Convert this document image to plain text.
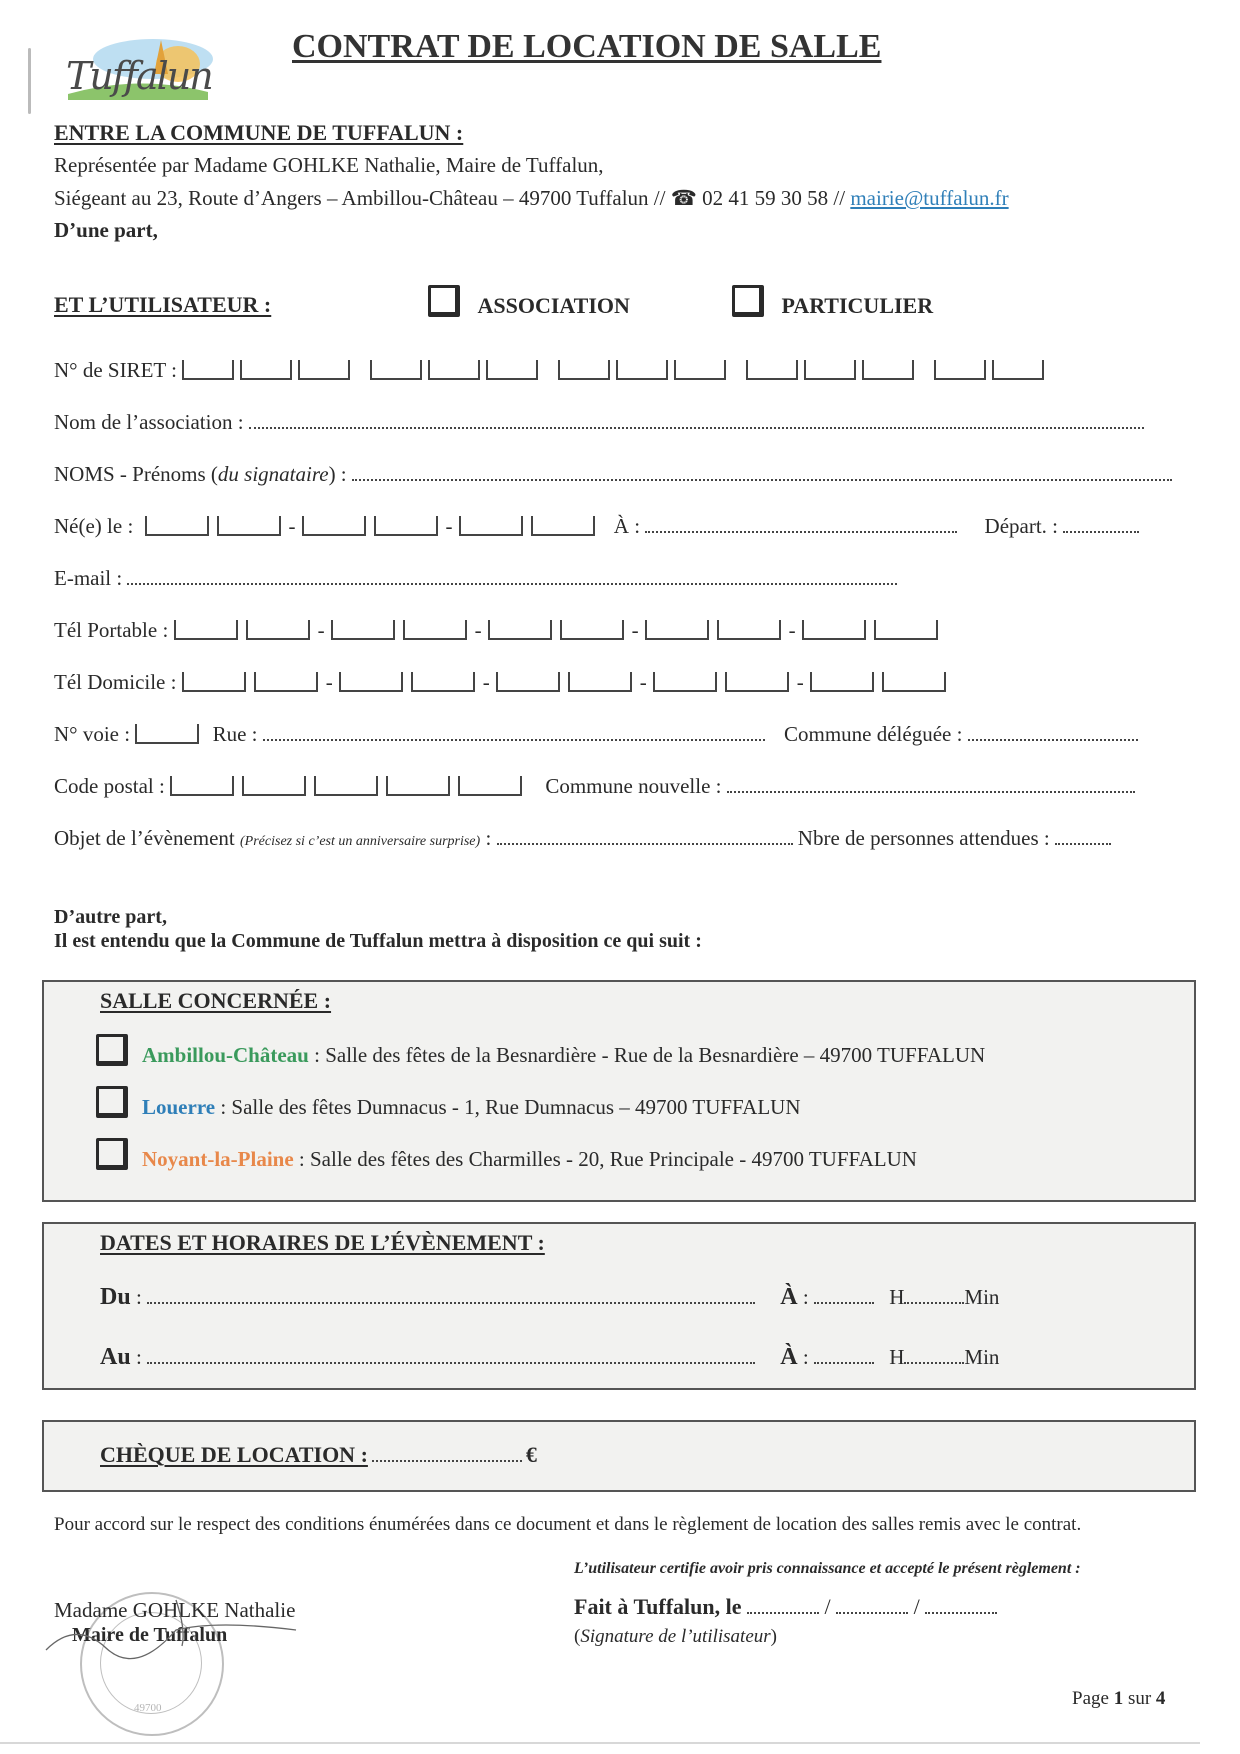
Tuffalun
CONTRAT DE LOCATION DE SALLE
ENTRE LA COMMUNE DE TUFFALUN :
Représentée par Madame GOHLKE Nathalie, Maire de Tuffalun,
Siégeant au 23, Route d’Angers – Ambillou-Château – 49700 Tuffalun // ☎ 02 41 59 30 58 // mairie@tuffalun.fr
D’une part,
ET L’UTILISATEUR :	ASSOCIATION	PARTICULIER
N° de SIRET :
Nom de l’association :
NOMS - Prénoms (du signataire) :
Né(e) le :	-	-	À :	Départ. :
E-mail :
Tél Portable :	-	-	-	-
Tél Domicile :	-	-	-	-
N° voie :	Rue :	Commune déléguée :
Code postal :	Commune nouvelle :
Objet de l’évènement (Précisez si c’est un anniversaire surprise) :	Nbre de personnes attendues :
D’autre part,
Il est entendu que la Commune de Tuffalun mettra à disposition ce qui suit :
SALLE CONCERNÉE :
Ambillou-Château : Salle des fêtes de la Besnardière - Rue de la Besnardière – 49700 TUFFALUN
Louerre : Salle des fêtes Dumnacus - 1, Rue Dumnacus – 49700 TUFFALUN
Noyant-la-Plaine : Salle des fêtes des Charmilles - 20, Rue Principale - 49700 TUFFALUN
DATES ET HORAIRES DE L’ÉVÈNEMENT :
Du :	À :	H	Min
Au :	À :	H	Min
CHÈQUE DE LOCATION :	€
Pour accord sur le respect des conditions énumérées dans ce document et dans le règlement de location des salles remis avec le contrat.
L’utilisateur certifie avoir pris connaissance et accepté le présent règlement :
49700
Madame GOHLKE Nathalie
Maire de Tuffalun
Fait à Tuffalun, le	/	/
(Signature de l’utilisateur)
Page 1 sur 4
